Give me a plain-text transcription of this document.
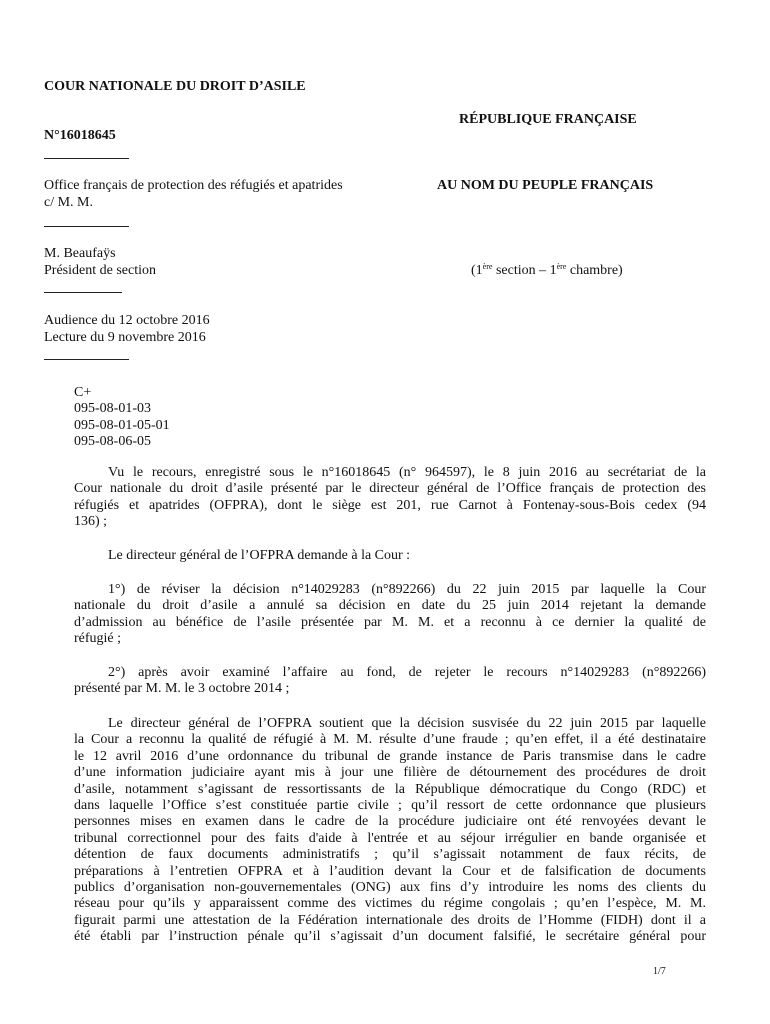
COUR NATIONALE DU DROIT D’ASILE
RÉPUBLIQUE FRANÇAISE
N°16018645
Office français de protection des réfugiés et apatrides
c/ M. M.
AU NOM DU PEUPLE FRANÇAIS
M. Beaufaÿs
Président de section	(1ère section – 1ère chambre)
Audience du 12 octobre 2016
Lecture du 9 novembre 2016
C+
095-08-01-03
095-08-01-05-01
095-08-06-05
Vu le recours, enregistré sous le n°16018645 (n° 964597), le 8 juin 2016 au secrétariat de la
Cour nationale du droit d’asile présenté par le directeur général de l’Office français de protection des
réfugiés et apatrides (OFPRA), dont le siège est 201, rue Carnot à Fontenay-sous-Bois cedex (94
136) ;
Le directeur général de l’OFPRA demande à la Cour :
1°) de réviser la décision n°14029283 (n°892266) du 22 juin 2015 par laquelle la Cour
nationale du droit d’asile a annulé sa décision en date du 25 juin 2014 rejetant la demande
d’admission au bénéfice de l’asile présentée par M. M. et a reconnu à ce dernier la qualité de
réfugié ;
2°) après avoir examiné l’affaire au fond, de rejeter le recours n°14029283 (n°892266)
présenté par M. M. le 3 octobre 2014 ;
Le directeur général de l’OFPRA soutient que la décision susvisée du 22 juin 2015 par laquelle
la Cour a reconnu la qualité de réfugié à M. M. résulte d’une fraude ; qu’en effet, il a été destinataire
le 12 avril 2016 d’une ordonnance du tribunal de grande instance de Paris transmise dans le cadre
d’une information judiciaire ayant mis à jour une filière de détournement des procédures de droit
d’asile, notamment s’agissant de ressortissants de la République démocratique du Congo (RDC) et
dans laquelle l’Office s’est constituée partie civile ; qu’il ressort de cette ordonnance que plusieurs
personnes mises en examen dans le cadre de la procédure judiciaire ont été renvoyées devant le
tribunal correctionnel pour des faits d'aide à l'entrée et au séjour irrégulier en bande organisée et
détention de faux documents administratifs ; qu’il s’agissait notamment de faux récits, de
préparations à l’entretien OFPRA et à l’audition devant la Cour et de falsification de documents
publics d’organisation non-gouvernementales (ONG) aux fins d’y introduire les noms des clients du
réseau pour qu’ils y apparaissent comme des victimes du régime congolais ; qu’en l’espèce, M. M.
figurait parmi une attestation de la Fédération internationale des droits de l’Homme (FIDH) dont il a
été établi par l’instruction pénale qu’il s’agissait d’un document falsifié, le secrétaire général pour
1/7
